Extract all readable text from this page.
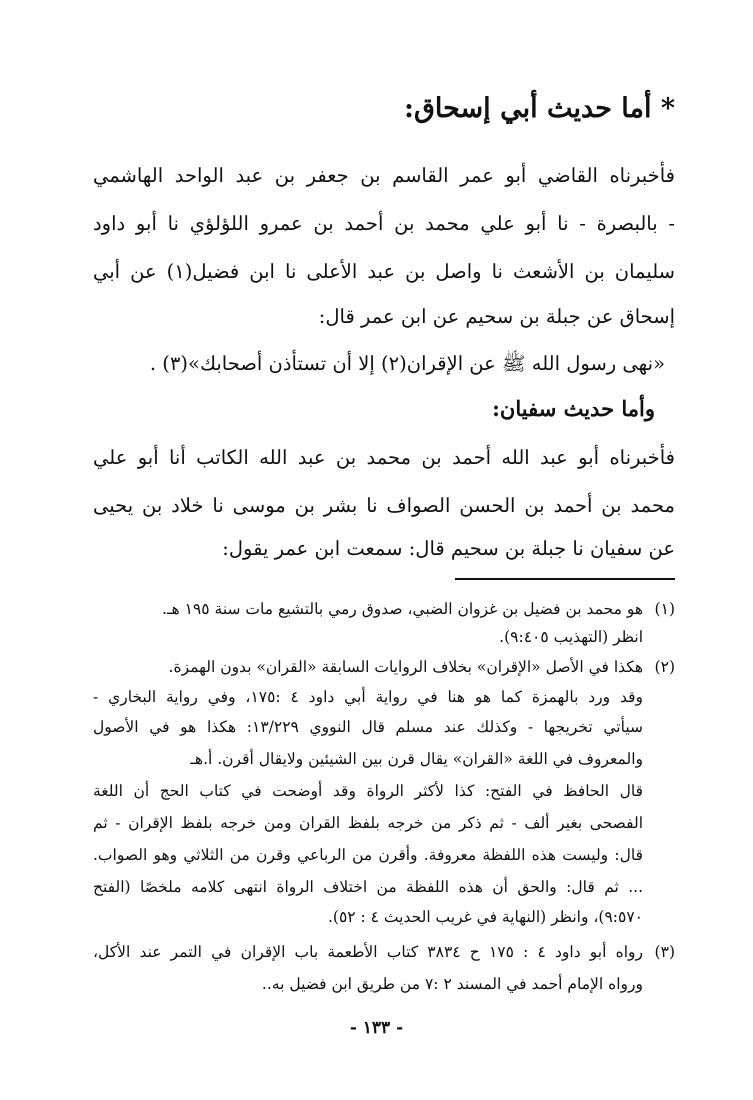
* أما حديث أبي إسحاق:
فأخبرناه القاضي أبو عمر القاسم بن جعفر بن عبد الواحد الهاشمي
- بالبصرة - نا أبو علي محمد بن أحمد بن عمرو اللؤلؤي نا أبو داود
سليمان بن الأشعث نا واصل بن عبد الأعلى نا ابن فضيل(١) عن أبي
إسحاق عن جبلة بن سحيم عن ابن عمر قال:
«نهى رسول الله ﷺ عن الإقران(٢) إلا أن تستأذن أصحابك»(٣) .
وأما حديث سفيان:
فأخبرناه أبو عبد الله أحمد بن محمد بن عبد الله الكاتب أنا أبو علي
محمد بن أحمد بن الحسن الصواف نا بشر بن موسى نا خلاد بن يحيى
عن سفيان نا جبلة بن سحيم قال: سمعت ابن عمر يقول:
(١)
هو محمد بن فضيل بن غزوان الضبي، صدوق رمي بالتشيع مات سنة ١٩٥ هـ.
انظر (التهذيب ٩:٤٠٥).
(٢)
هكذا في الأصل «الإقران» بخلاف الروايات السابقة «القران» بدون الهمزة.
وقد ورد بالهمزة كما هو هنا في رواية أبي داود ٤ :١٧٥، وفي رواية البخاري -
سيأتي تخريجها - وكذلك عند مسلم قال النووي ١٣/٢٢٩: هكذا هو في الأصول
والمعروف في اللغة «القران» يقال قرن بين الشيئين ولايقال أقرن. أ.هـ
قال الحافظ في الفتح: كذا لأكثر الرواة وقد أوضحت في كتاب الحج أن اللغة
الفصحى بغير ألف - ثم ذكر من خرجه بلفظ القران ومن خرجه بلفظ الإقران - ثم
قال: وليست هذه اللفظة معروفة. وأقرن من الرباعي وقرن من الثلاثي وهو الصواب.
... ثم قال: والحق أن هذه اللفظة من اختلاف الرواة انتهى كلامه ملخصًا (الفتح
٩:٥٧٠)، وانظر (النهاية في غريب الحديث ٤ : ٥٢).
(٣)
رواه أبو داود ٤ : ١٧٥ ح ٣٨٣٤ كتاب الأطعمة باب الإقران في التمر عند الأكل،
ورواه الإمام أحمد في المسند ٢ :٧ من طريق ابن فضيل به..
- ١٣٣ -
